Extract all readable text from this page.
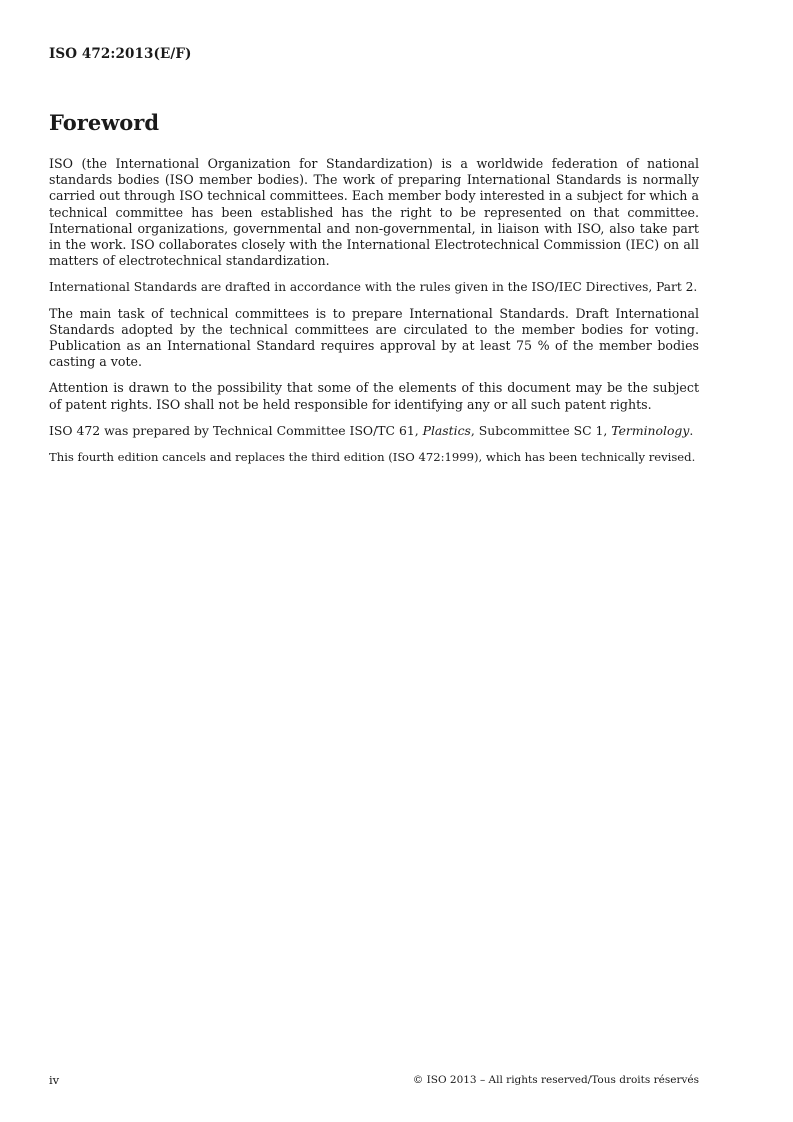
ISO 472:2013(E/F)
Foreword

ISO (the International Organization for Standardization) is a worldwide federation of national standards bodies (ISO member bodies). The work of preparing International Standards is normally carried out through ISO technical committees. Each member body interested in a subject for which a technical committee has been established has the right to be represented on that committee. International organizations, governmental and non-governmental, in liaison with ISO, also take part in the work. ISO collaborates closely with the International Electrotechnical Commission (IEC) on all matters of electrotechnical standardization.

International Standards are drafted in accordance with the rules given in the ISO/IEC Directives, Part 2.

The main task of technical committees is to prepare International Standards. Draft International Standards adopted by the technical committees are circulated to the member bodies for voting. Publication as an International Standard requires approval by at least 75 % of the member bodies casting a vote.

Attention is drawn to the possibility that some of the elements of this document may be the subject of patent rights. ISO shall not be held responsible for identifying any or all such patent rights.

ISO 472 was prepared by Technical Committee ISO/TC 61, Plastics, Subcommittee SC 1, Terminology.

This fourth edition cancels and replaces the third edition (ISO 472:1999), which has been technically revised.

iv	© ISO 2013 – All rights reserved/Tous droits réservés
